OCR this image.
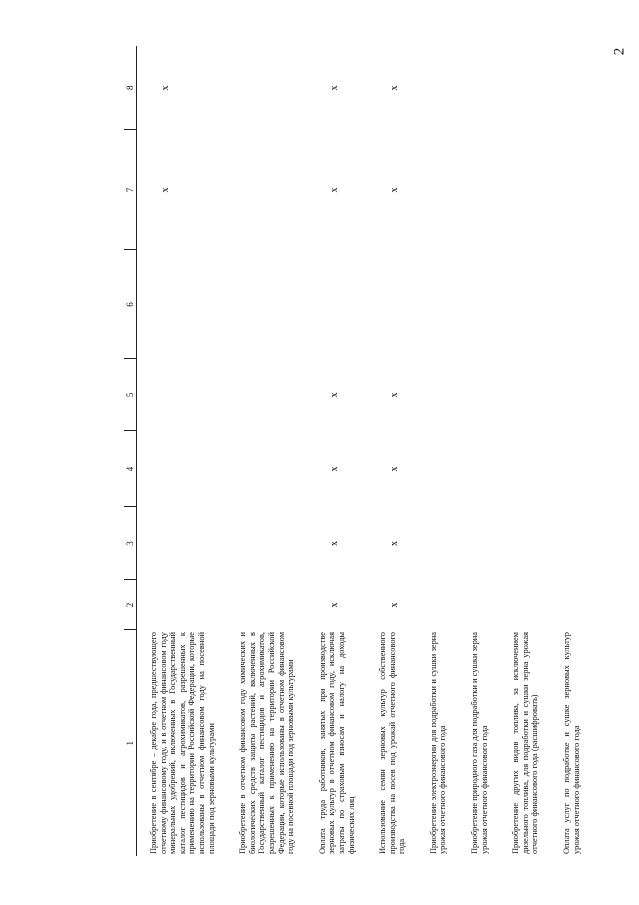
2
1	2	3	4	5	6	7	8
Приобретение в сентябре – декабре года, предшествующего отчетному финансовому году, и в отчетном финансовом году минеральных удобрений, включенных в Государственный каталог пестицидов и агрохимикатов, разрешенных к применению на территории Российской Федерации, которые использованы в отчетном финансовом году на посевной площади под зерновыми культурами						x	x
Приобретение в отчетном финансовом году химических и биологических средств защиты растений, включенных в Государственный каталог пестицидов и агрохимикатов, разрешенных к применению на территории Российской Федерации, которые использованы в отчетном финансовом году на посевной площади под зерновыми культурами							
Оплата труда работников, занятых при производстве зерновых культур в отчетном финансовом году, исключая затраты по страховым взносам и налогу на доходы физических лиц	x	x	x	x		x	x
Использование семян зерновых культур собственного производства на посев под урожай отчетного финансового года	x	x	x	x		x	x
Приобретение электроэнергии для подработки и сушки зерна урожая отчетного финансового года							
Приобретение природного газа для подработки и сушки зерна урожая отчетного финансового года							
Приобретение других видов топлива, за исключением дизельного топлива, для подработки и сушки зерна урожая отчетного финансового года (расшифровать)							
Оплата услуг по подработке и сушке зерновых культур урожая отчетного финансового года							
